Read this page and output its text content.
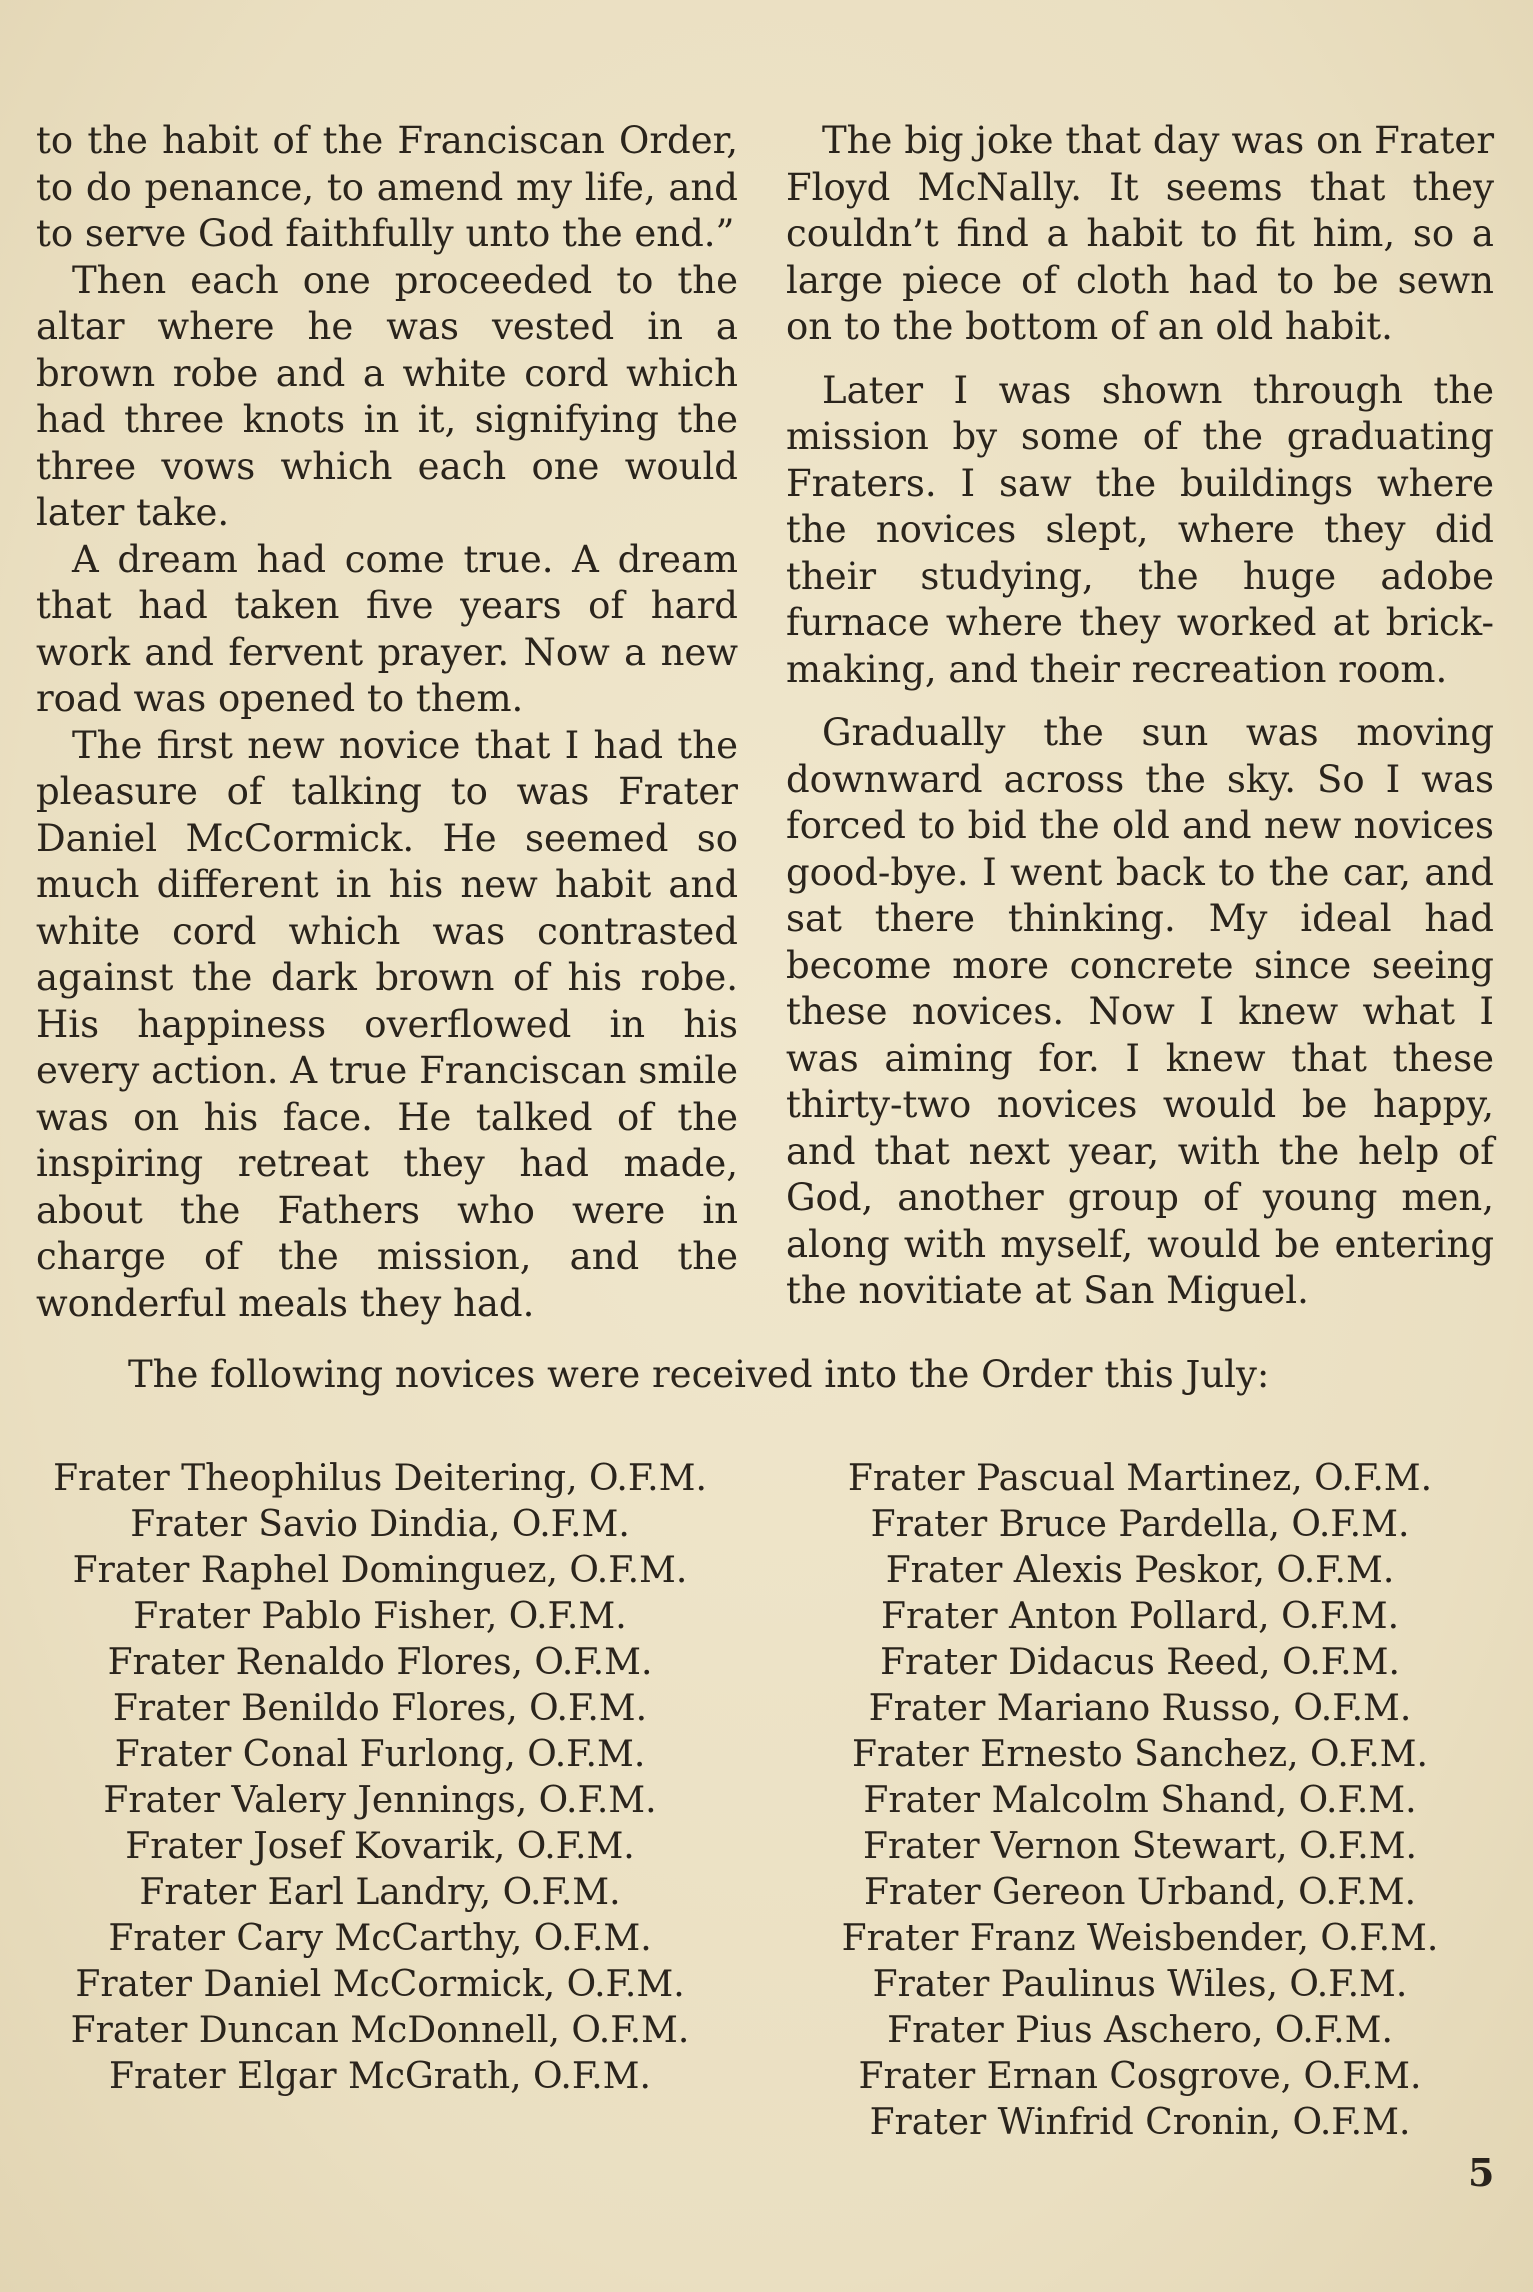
to the habit of the Franciscan Order, to do penance, to amend my life, and to serve God faithfully unto the end.”

Then each one proceeded to the altar where he was vested in a brown robe and a white cord which had three knots in it, signifying the three vows which each one would later take.

A dream had come true. A dream that had taken five years of hard work and fervent prayer. Now a new road was opened to them.

The first new novice that I had the pleasure of talking to was Frater Daniel McCormick. He seemed so much different in his new habit and white cord which was contrasted against the dark brown of his robe. His happiness overflowed in his every action. A true Franciscan smile was on his face. He talked of the inspiring retreat they had made, about the Fathers who were in charge of the mission, and the wonderful meals they had.

The big joke that day was on Frater Floyd McNally. It seems that they couldn’t find a habit to fit him, so a large piece of cloth had to be sewn on to the bottom of an old habit.

Later I was shown through the mission by some of the graduating Fraters. I saw the buildings where the novices slept, where they did their studying, the huge adobe furnace where they worked at brick-making, and their recreation room.

Gradually the sun was moving downward across the sky. So I was forced to bid the old and new novices good-bye. I went back to the car, and sat there thinking. My ideal had become more concrete since seeing these novices. Now I knew what I was aiming for. I knew that these thirty-two novices would be happy, and that next year, with the help of God, another group of young men, along with myself, would be entering the novitiate at San Miguel.

The following novices were received into the Order this July:
Frater Theophilus Deitering, O.F.M.
Frater Savio Dindia, O.F.M.
Frater Raphel Dominguez, O.F.M.
Frater Pablo Fisher, O.F.M.
Frater Renaldo Flores, O.F.M.
Frater Benildo Flores, O.F.M.
Frater Conal Furlong, O.F.M.
Frater Valery Jennings, O.F.M.
Frater Josef Kovarik, O.F.M.
Frater Earl Landry, O.F.M.
Frater Cary McCarthy, O.F.M.
Frater Daniel McCormick, O.F.M.
Frater Duncan McDonnell, O.F.M.
Frater Elgar McGrath, O.F.M.
Frater Pascual Martinez, O.F.M.
Frater Bruce Pardella, O.F.M.
Frater Alexis Peskor, O.F.M.
Frater Anton Pollard, O.F.M.
Frater Didacus Reed, O.F.M.
Frater Mariano Russo, O.F.M.
Frater Ernesto Sanchez, O.F.M.
Frater Malcolm Shand, O.F.M.
Frater Vernon Stewart, O.F.M.
Frater Gereon Urband, O.F.M.
Frater Franz Weisbender, O.F.M.
Frater Paulinus Wiles, O.F.M.
Frater Pius Aschero, O.F.M.
Frater Ernan Cosgrove, O.F.M.
Frater Winfrid Cronin, O.F.M.
5
